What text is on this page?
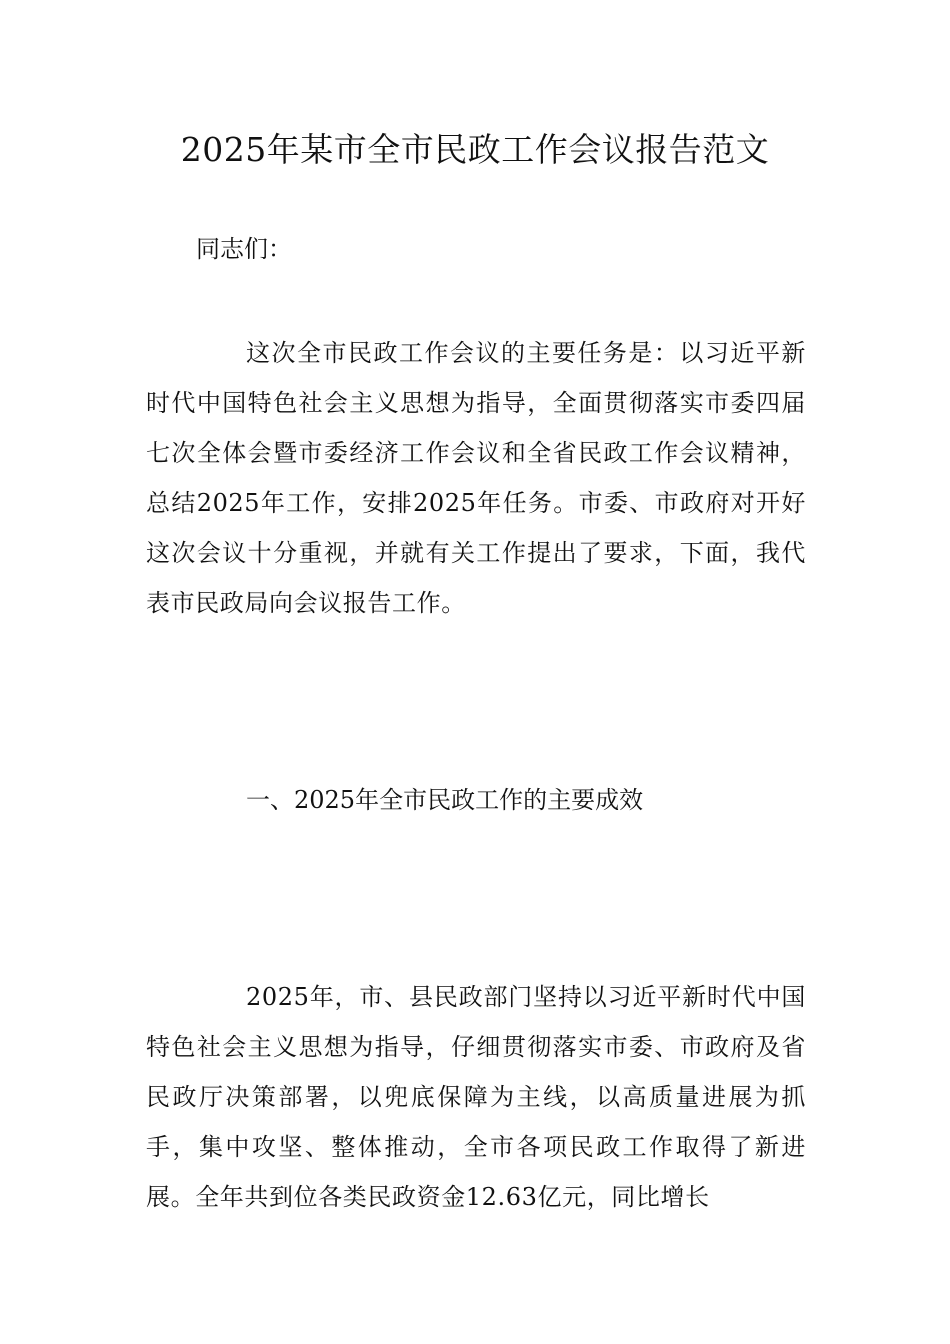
2025年某市全市民政工作会议报告范文

同志们：

这次全市民政工作会议的主要任务是：以习近平新时代中国特色社会主义思想为指导，全面贯彻落实市委四届七次全体会暨市委经济工作会议和全省民政工作会议精神，总结2025年工作，安排2025年任务。市委、市政府对开好这次会议十分重视，并就有关工作提出了要求，下面，我代表市民政局向会议报告工作。

一、2025年全市民政工作的主要成效

2025年，市、县民政部门坚持以习近平新时代中国特色社会主义思想为指导，仔细贯彻落实市委、市政府及省民政厅决策部署，以兜底保障为主线，以高质量进展为抓手，集中攻坚、整体推动，全市各项民政工作取得了新进展。全年共到位各类民政资金12.63亿元，同比增长
